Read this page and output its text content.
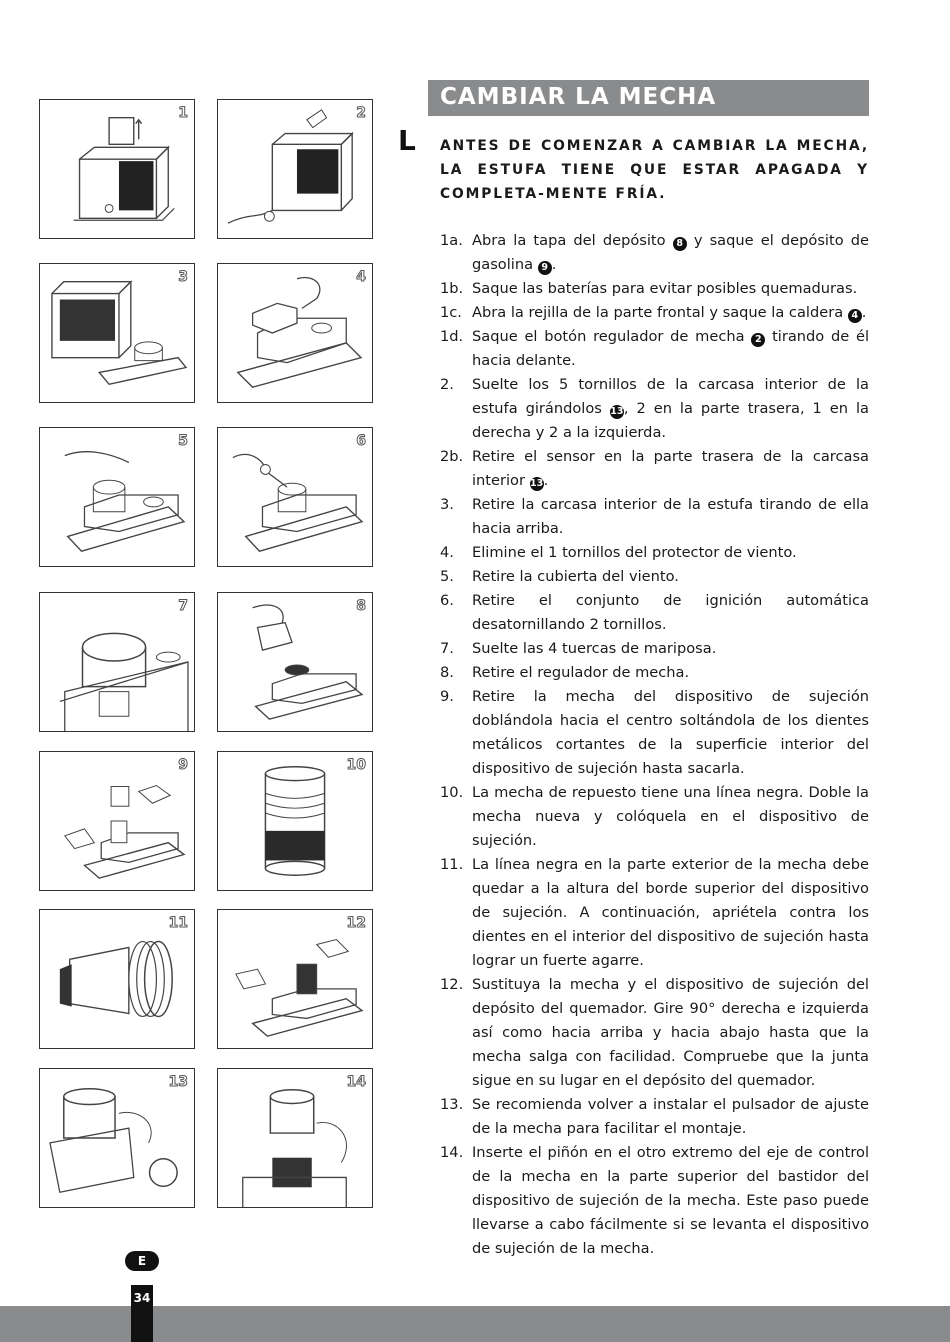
1	2
3	4
5	6
7	8
9	10
11	12
13	14
CAMBIAR LA MECHA
L ANTES DE COMENZAR A CAMBIAR LA MECHA, LA ESTUFA TIENE QUE ESTAR APAGADA Y COMPLETA-MENTE FRÍA.
1a. Abra la tapa del depósito 8 y saque el depósito de gasolina 9 .
1b. Saque las baterías para evitar posibles quemaduras.
1c. Abra la rejilla de la parte frontal y saque la caldera 4 .
1d. Saque el botón regulador de mecha 2 tirando de él hacia delante.
2. Suelte los 5 tornillos de la carcasa interior de la estufa girándolos 13, 2 en la parte trasera, 1 en la derecha y 2 a la izquierda.
2b. Retire el sensor en la parte trasera de la carcasa interior 13.
3. Retire la carcasa interior de la estufa tirando de ella hacia arriba.
4. Elimine el 1 tornillos del protector de viento.
5. Retire la cubierta del viento.
6. Retire el conjunto de ignición automática desatornillando 2 tornillos.
7. Suelte las 4 tuercas de mariposa.
8. Retire el regulador de mecha.
9. Retire la mecha del dispositivo de sujeción doblándola hacia el centro soltándola de los dientes metálicos cortantes de la superficie interior del dispositivo de sujeción hasta sacarla.
10. La mecha de repuesto tiene una línea negra. Doble la mecha nueva y colóquela en el dispositivo de sujeción.
11. La línea negra en la parte exterior de la mecha debe quedar a la altura del borde superior del dispositivo de sujeción. A continuación, apriétela contra los dientes en el interior del dispositivo de sujeción hasta lograr un fuerte agarre.
12. Sustituya la mecha y el dispositivo de sujeción del depósito del quemador. Gire 90° derecha e izquierda así como hacia arriba y hacia abajo hasta que la mecha salga con facilidad. Compruebe que la junta sigue en su lugar en el depósito del quemador.
13. Se recomienda volver a instalar el pulsador de ajuste de la mecha para facilitar el montaje.
14. Inserte el piñón en el otro extremo del eje de control de la mecha en la parte superior del bastidor del dispositivo de sujeción de la mecha. Este paso puede llevarse a cabo fácilmente si se levanta el dispositivo de sujeción de la mecha.
E
34
